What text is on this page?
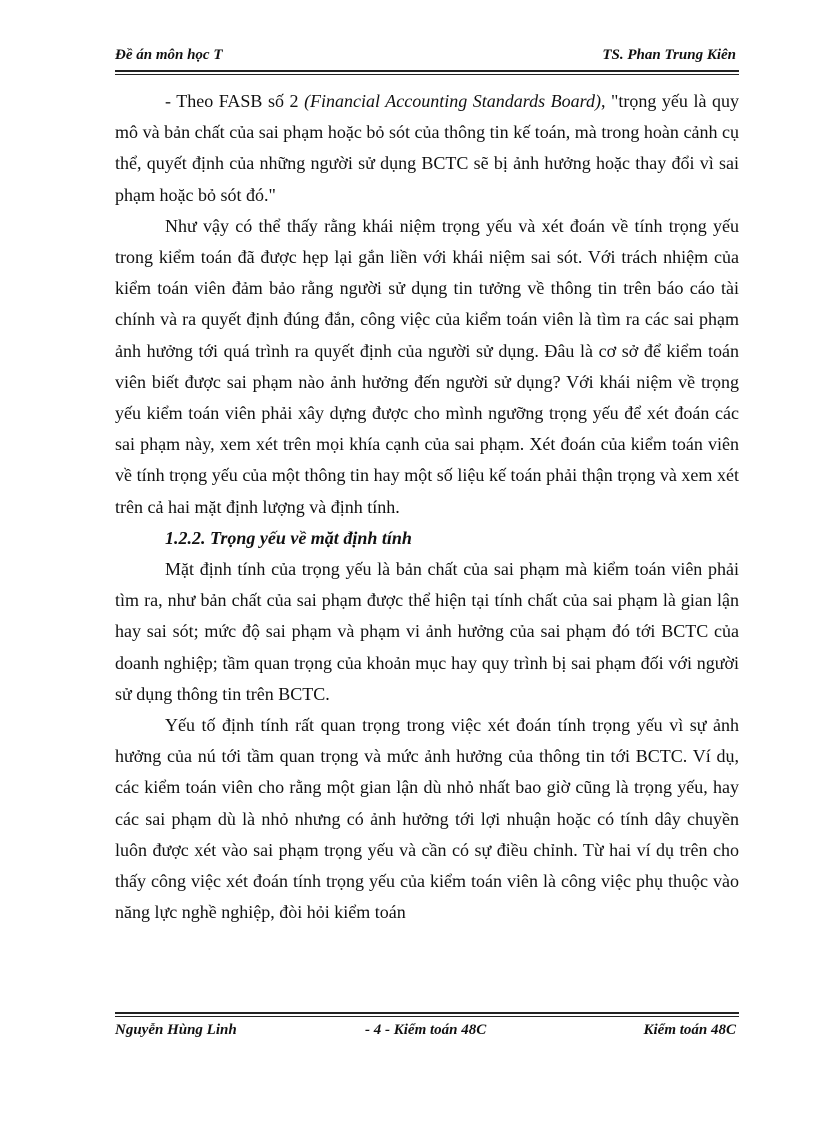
Đề án môn học T	TS. Phan Trung Kiên

- Theo FASB số 2 (Financial Accounting Standards Board), "trọng yếu là quy mô và bản chất của sai phạm hoặc bỏ sót của thông tin kế toán, mà trong hoàn cảnh cụ thể, quyết định của những người sử dụng BCTC sẽ bị ảnh hưởng hoặc thay đổi vì sai phạm hoặc bỏ sót đó."

Như vậy có thể thấy rằng khái niệm trọng yếu và xét đoán về tính trọng yếu trong kiểm toán đã được hẹp lại gắn liền với khái niệm sai sót. Với trách nhiệm của kiểm toán viên đảm bảo rằng người sử dụng tin tưởng về thông tin trên báo cáo tài chính và ra quyết định đúng đắn, công việc của kiểm toán viên là tìm ra các sai phạm ảnh hưởng tới quá trình ra quyết định của người sử dụng. Đâu là cơ sở để kiểm toán viên biết được sai phạm nào ảnh hưởng đến người sử dụng? Với khái niệm về trọng yếu kiểm toán viên phải xây dựng được cho mình ngưỡng trọng yếu để xét đoán các sai phạm này, xem xét trên mọi khía cạnh của sai phạm. Xét đoán của kiểm toán viên về tính trọng yếu của một thông tin hay một số liệu kế toán phải thận trọng và xem xét trên cả hai mặt định lượng và định tính.

1.2.2. Trọng yếu về mặt định tính

Mặt định tính của trọng yếu là bản chất của sai phạm mà kiểm toán viên phải tìm ra, như bản chất của sai phạm được thể hiện tại tính chất của sai phạm là gian lận hay sai sót; mức độ sai phạm và phạm vi ảnh hưởng của sai phạm đó tới BCTC của doanh nghiệp; tầm quan trọng của khoản mục hay quy trình bị sai phạm đối với người sử dụng thông tin trên BCTC.

Yếu tố định tính rất quan trọng trong việc xét đoán tính trọng yếu vì sự ảnh hưởng của nú tới tầm quan trọng và mức ảnh hưởng của thông tin tới BCTC. Ví dụ, các kiểm toán viên cho rằng một gian lận dù nhỏ nhất bao giờ cũng là trọng yếu, hay các sai phạm dù là nhỏ nhưng có ảnh hưởng tới lợi nhuận hoặc có tính dây chuyền luôn được xét vào sai phạm trọng yếu và cần có sự điều chỉnh. Từ hai ví dụ trên cho thấy công việc xét đoán tính trọng yếu của kiểm toán viên là công việc phụ thuộc vào năng lực nghề nghiệp, đòi hỏi kiểm toán

Nguyễn Hùng Linh	- 4 - Kiểm toán 48C	Kiểm toán 48C
